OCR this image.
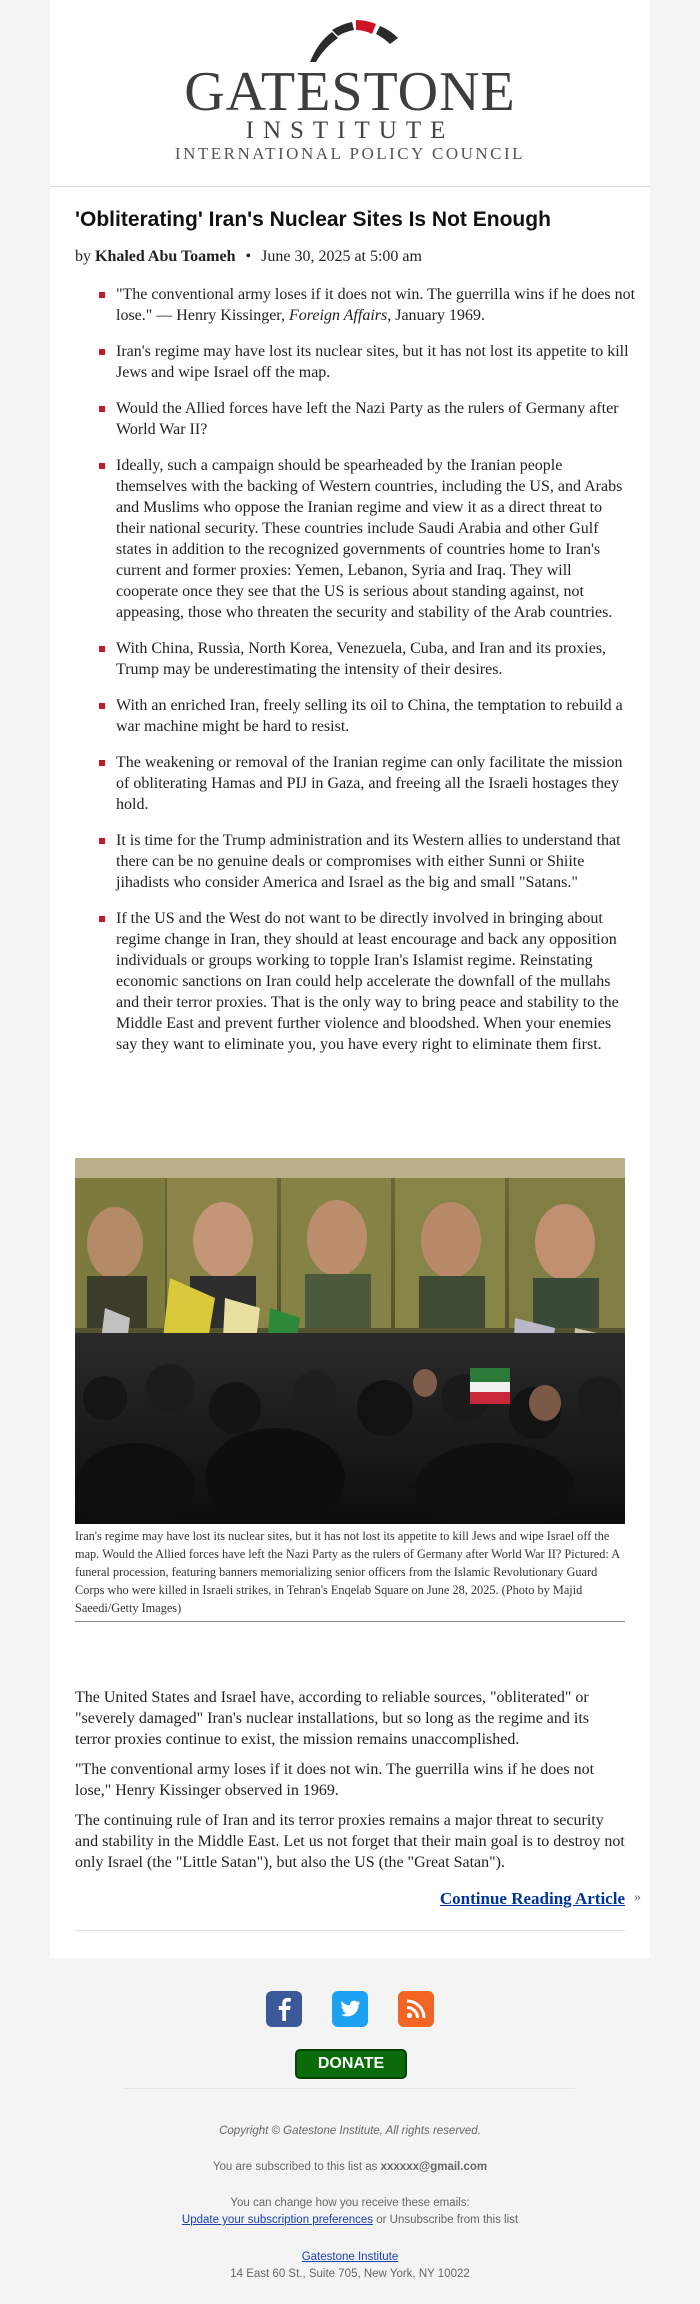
GATESTONE
INSTITUTE
INTERNATIONAL POLICY COUNCIL
'Obliterating' Iran's Nuclear Sites Is Not Enough
by Khaled Abu Toameh • June 30, 2025 at 5:00 am
"The conventional army loses if it does not win. The guerrilla wins if he does not lose." — Henry Kissinger, Foreign Affairs, January 1969.
Iran's regime may have lost its nuclear sites, but it has not lost its appetite to kill Jews and wipe Israel off the map.
Would the Allied forces have left the Nazi Party as the rulers of Germany after World War II?
Ideally, such a campaign should be spearheaded by the Iranian people themselves with the backing of Western countries, including the US, and Arabs and Muslims who oppose the Iranian regime and view it as a direct threat to their national security. These countries include Saudi Arabia and other Gulf states in addition to the recognized governments of countries home to Iran's current and former proxies: Yemen, Lebanon, Syria and Iraq. They will cooperate once they see that the US is serious about standing against, not appeasing, those who threaten the security and stability of the Arab countries.
With China, Russia, North Korea, Venezuela, Cuba, and Iran and its proxies, Trump may be underestimating the intensity of their desires.
With an enriched Iran, freely selling its oil to China, the temptation to rebuild a war machine might be hard to resist.
The weakening or removal of the Iranian regime can only facilitate the mission of obliterating Hamas and PIJ in Gaza, and freeing all the Israeli hostages they hold.
It is time for the Trump administration and its Western allies to understand that there can be no genuine deals or compromises with either Sunni or Shiite jihadists who consider America and Israel as the big and small "Satans."
If the US and the West do not want to be directly involved in bringing about regime change in Iran, they should at least encourage and back any opposition individuals or groups working to topple Iran's Islamist regime. Reinstating economic sanctions on Iran could help accelerate the downfall of the mullahs and their terror proxies. That is the only way to bring peace and stability to the Middle East and prevent further violence and bloodshed. When your enemies say they want to eliminate you, you have every right to eliminate them first.
Iran's regime may have lost its nuclear sites, but it has not lost its appetite to kill Jews and wipe Israel off the map. Would the Allied forces have left the Nazi Party as the rulers of Germany after World War II? Pictured: A funeral procession, featuring banners memorializing senior officers from the Islamic Revolutionary Guard Corps who were killed in Israeli strikes, in Tehran's Enqelab Square on June 28, 2025. (Photo by Majid Saeedi/Getty Images)

The United States and Israel have, according to reliable sources, "obliterated" or "severely damaged" Iran's nuclear installations, but so long as the regime and its terror proxies continue to exist, the mission remains unaccomplished.

"The conventional army loses if it does not win. The guerrilla wins if he does not lose," Henry Kissinger observed in 1969.

The continuing rule of Iran and its terror proxies remains a major threat to security and stability in the Middle East. Let us not forget that their main goal is to destroy not only Israel (the "Little Satan"), but also the US (the "Great Satan").

Continue Reading Article »
DONATE
Copyright © Gatestone Institute, All rights reserved.
You are subscribed to this list as xxxxxx@gmail.com
You can change how you receive these emails:
Update your subscription preferences or Unsubscribe from this list
Gatestone Institute
14 East 60 St., Suite 705, New York, NY 10022
